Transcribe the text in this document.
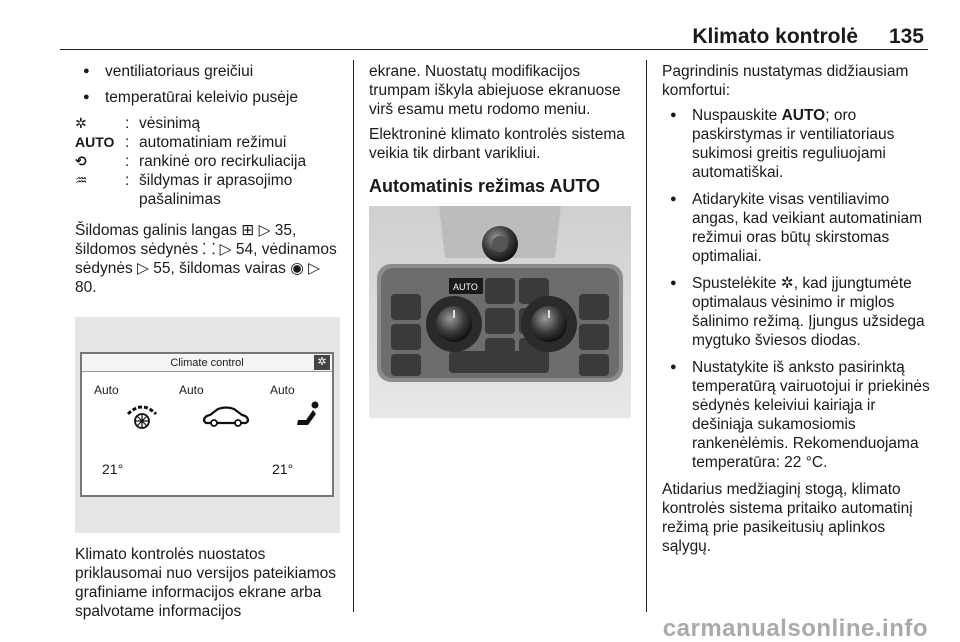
Klimato kontrolė 135
● ventiliatoriaus greičiui
● temperatūrai keleivio pusėje
✲	: vėsinimą
AUTO : automatiniam režimui
⟲	: rankinė oro recirkuliacija
♒	: šildymas ir aprasojimo pašalinimas

Šildomas galinis langas ⊞ ▷ 35, šildomos sėdynės ⸬ ▷ 54, vėdinamos sėdynės ▷ 55, šildomas vairas ◉ ▷ 80.

Climate control	✲
Auto	Auto	Auto
21°	21°

Klimato kontrolės nuostatos priklausomai nuo versijos pateikiamos grafiniame informacijos ekrane arba spalvotame informacijos

ekrane. Nuostatų modifikacijos trumpam iškyla abiejuose ekranuose virš esamu metu rodomo meniu.

Elektroninė klimato kontrolės sistema veikia tik dirbant varikliui.

Automatinis režimas AUTO
AUTO

Pagrindinis nustatymas didžiausiam komfortui:

● Nuspauskite AUTO; oro paskirstymas ir ventiliatoriaus sukimosi greitis reguliuojami automatiškai.
● Atidarykite visas ventiliavimo angas, kad veikiant automatiniam režimui oras būtų skirstomas optimaliai.
● Spustelėkite ✲, kad įjungtumėte optimalaus vėsinimo ir miglos šalinimo režimą. Įjungus užsidega mygtuko šviesos diodas.
● Nustatykite iš anksto pasirinktą temperatūrą vairuotojui ir priekinės sėdynės keleiviui kairiąja ir dešiniąja sukamosiomis rankenėlėmis. Rekomenduojama temperatūra: 22 °C.

Atidarius medžiaginį stogą, klimato kontrolės sistema pritaiko automatinį režimą prie pasikeitusių aplinkos sąlygų.

carmanualsonline.info
